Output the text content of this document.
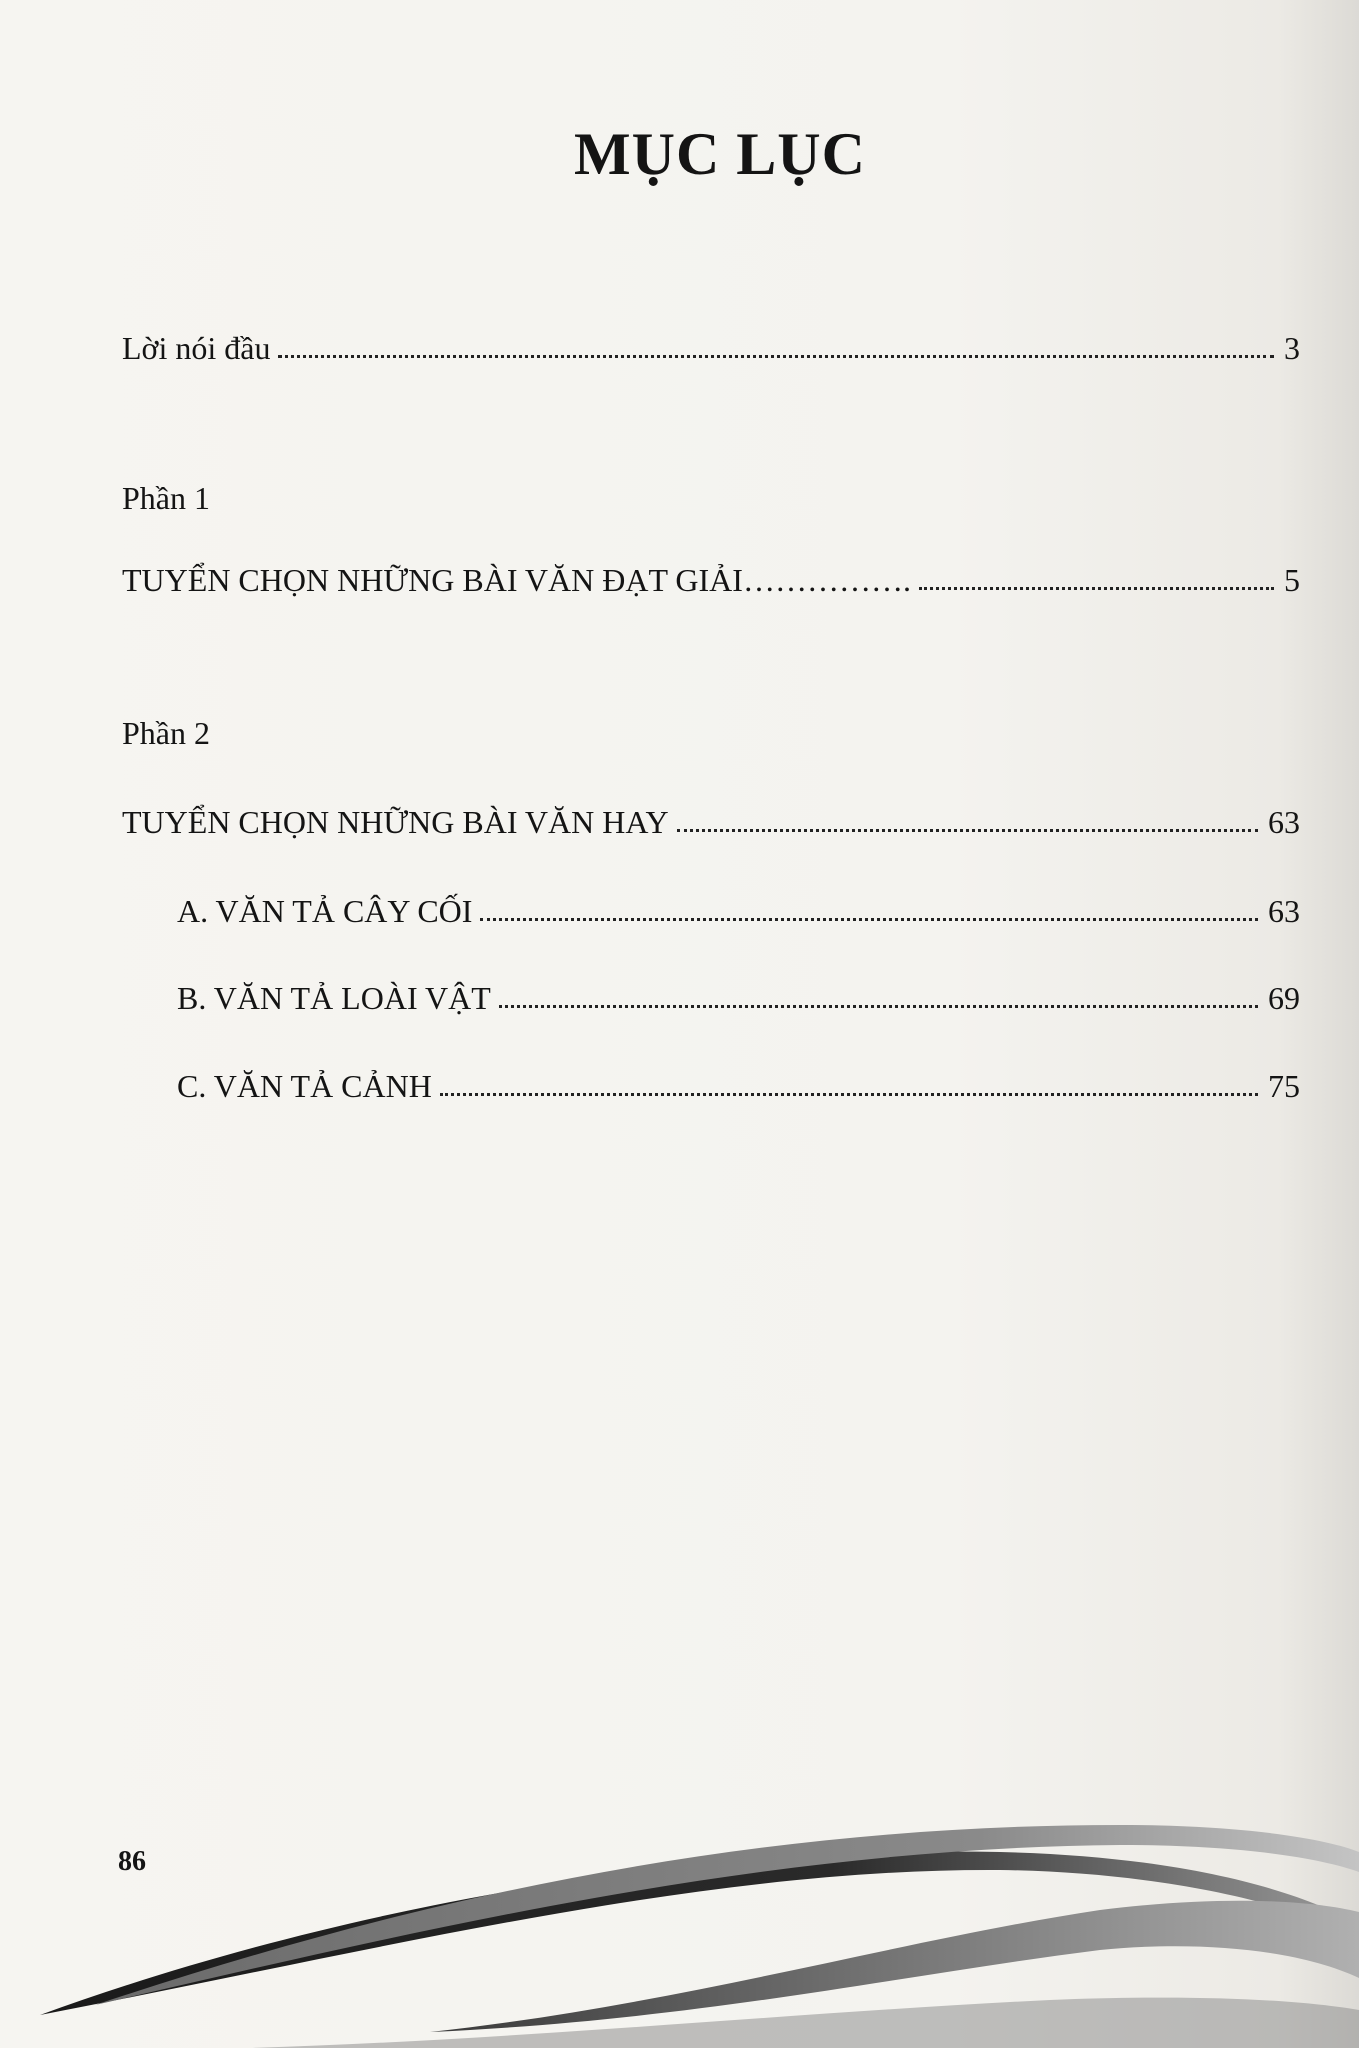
MỤC LỤC
Lời nói đầu	3
Phần 1
TUYỂN CHỌN NHỮNG BÀI VĂN ĐẠT GIẢI…………….	5
Phần 2
TUYỂN CHỌN NHỮNG BÀI VĂN HAY	63
A. VĂN TẢ CÂY CỐI	63
B. VĂN TẢ LOÀI VẬT	69
C. VĂN TẢ CẢNH	75
86
